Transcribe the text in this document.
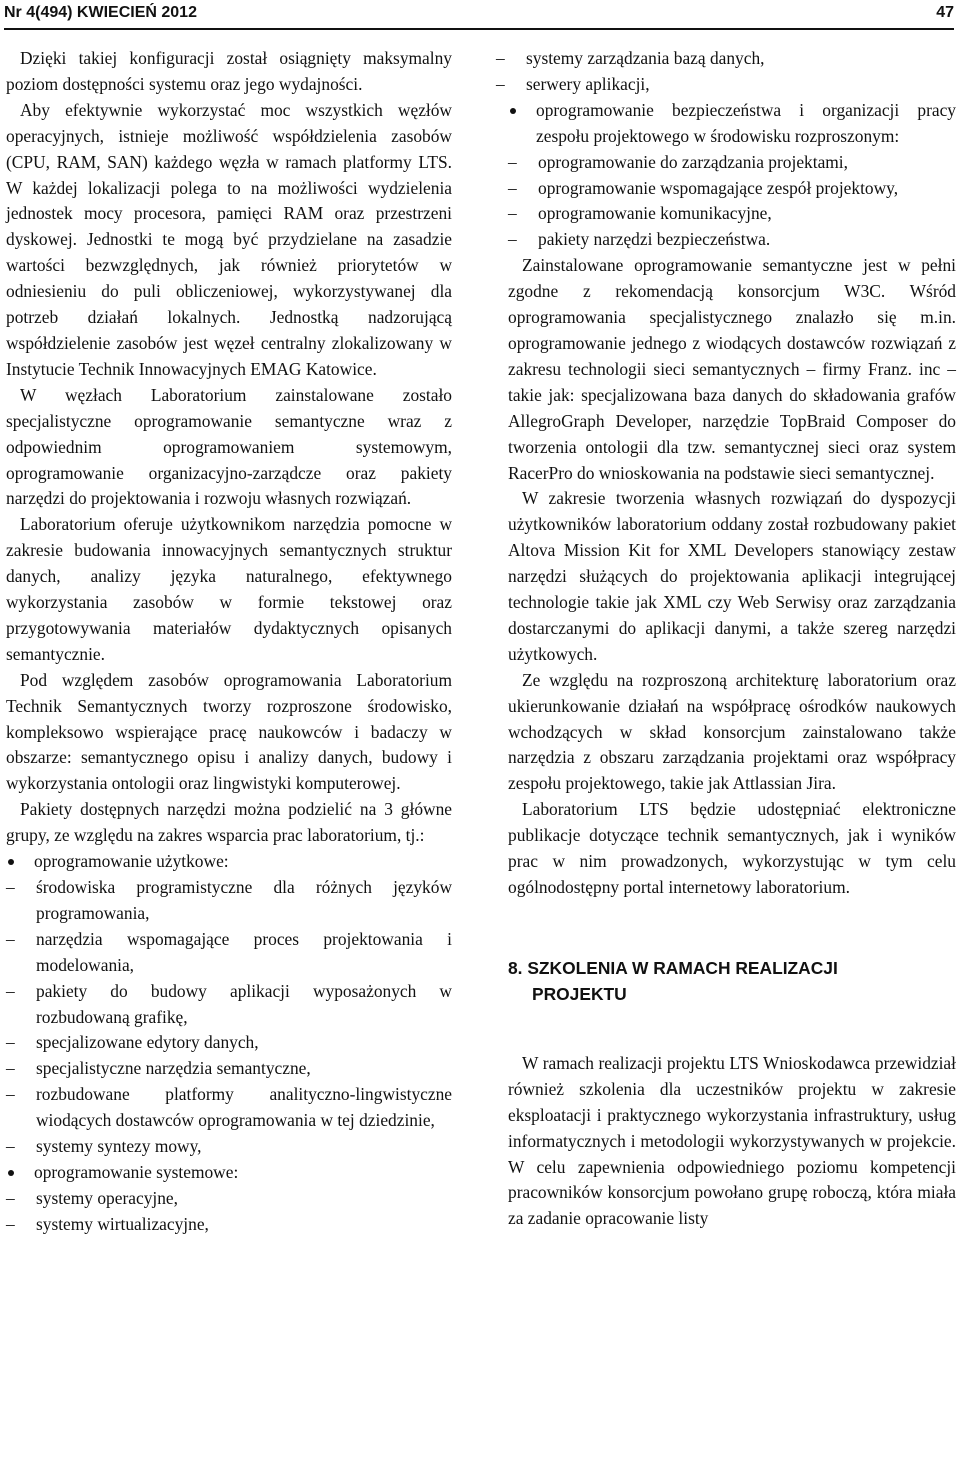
Nr 4(494) KWIECIEŃ 2012	47

Dzięki takiej konfiguracji został osiągnięty maksymalny poziom dostępności systemu oraz jego wydajności.

Aby efektywnie wykorzystać moc wszystkich węzłów operacyjnych, istnieje możliwość współdzielenia zasobów (CPU, RAM, SAN) każdego węzła w ramach platformy LTS. W każdej lokalizacji polega to na możliwości wydzielenia jednostek mocy procesora, pamięci RAM oraz przestrzeni dyskowej. Jednostki te mogą być przydzielane na zasadzie wartości bezwzględnych, jak również priorytetów w odniesieniu do puli obliczeniowej, wykorzystywanej dla potrzeb działań lokalnych. Jednostką nadzorującą współdzielenie zasobów jest węzeł centralny zlokalizowany w Instytucie Technik Innowacyjnych EMAG Katowice.

W węzłach Laboratorium zainstalowane zostało specjalistyczne oprogramowanie semantyczne wraz z odpowiednim oprogramowaniem systemowym, oprogramowanie organizacyjno-zarządcze oraz pakiety narzędzi do projektowania i rozwoju własnych rozwiązań.

Laboratorium oferuje użytkownikom narzędzia pomocne w zakresie budowania innowacyjnych semantycznych struktur danych, analizy języka naturalnego, efektywnego wykorzystania zasobów w formie tekstowej oraz przygotowywania materiałów dydaktycznych opisanych semantycznie.

Pod względem zasobów oprogramowania Laboratorium Technik Semantycznych tworzy rozproszone środowisko, kompleksowo wspierające pracę naukowców i badaczy w obszarze: semantycznego opisu i analizy danych, budowy i wykorzystania ontologii oraz lingwistyki komputerowej.

Pakiety dostępnych narzędzi można podzielić na 3 główne grupy, ze względu na zakres wsparcia prac laboratorium, tj.:

oprogramowanie użytkowe:
– środowiska programistyczne dla różnych języków programowania,
– narzędzia wspomagające proces projektowania i modelowania,
– pakiety do budowy aplikacji wyposażonych w rozbudowaną grafikę,
– specjalizowane edytory danych,
– specjalistyczne narzędzia semantyczne,
– rozbudowane platformy analityczno-lingwistyczne wiodących dostawców oprogramowania w tej dziedzinie,
– systemy syntezy mowy,
oprogramowanie systemowe:
– systemy operacyjne,
– systemy wirtualizacyjne,
– systemy zarządzania bazą danych,
– serwery aplikacji,
oprogramowanie bezpieczeństwa i organizacji pracy zespołu projektowego w środowisku rozproszonym:
– oprogramowanie do zarządzania projektami,
– oprogramowanie wspomagające zespół projektowy,
– oprogramowanie komunikacyjne,
– pakiety narzędzi bezpieczeństwa.

Zainstalowane oprogramowanie semantyczne jest w pełni zgodne z rekomendacją konsorcjum W3C. Wśród oprogramowania specjalistycznego znalazło się m.in. oprogramowanie jednego z wiodących dostawców rozwiązań z zakresu technologii sieci semantycznych – firmy Franz. inc – takie jak: specjalizowana baza danych do składowania grafów AllegroGraph Developer, narzędzie TopBraid Composer do tworzenia ontologii dla tzw. semantycznej sieci oraz system RacerPro do wnioskowania na podstawie sieci semantycznej.

W zakresie tworzenia własnych rozwiązań do dyspozycji użytkowników laboratorium oddany został rozbudowany pakiet Altova Mission Kit for XML Developers stanowiący zestaw narzędzi służących do projektowania aplikacji integrującej technologie takie jak XML czy Web Serwisy oraz zarządzania dostarczanymi do aplikacji danymi, a także szereg narzędzi użytkowych.

Ze względu na rozproszoną architekturę laboratorium oraz ukierunkowanie działań na współpracę ośrodków naukowych wchodzących w skład konsorcjum zainstalowano także narzędzia z obszaru zarządzania projektami oraz współpracy zespołu projektowego, takie jak Attlassian Jira.

Laboratorium LTS będzie udostępniać elektroniczne publikacje dotyczące technik semantycznych, jak i wyników prac w nim prowadzonych, wykorzystując w tym celu ogólnodostępny portal internetowy laboratorium.

8. SZKOLENIA W RAMACH REALIZACJI
PROJEKTU

W ramach realizacji projektu LTS Wnioskodawca przewidział również szkolenia dla uczestników projektu w zakresie eksploatacji i praktycznego wykorzystania infrastruktury, usług informatycznych i metodologii wykorzystywanych w projekcie. W celu zapewnienia odpowiedniego poziomu kompetencji pracowników konsorcjum powołano grupę roboczą, która miała za zadanie opracowanie listy
